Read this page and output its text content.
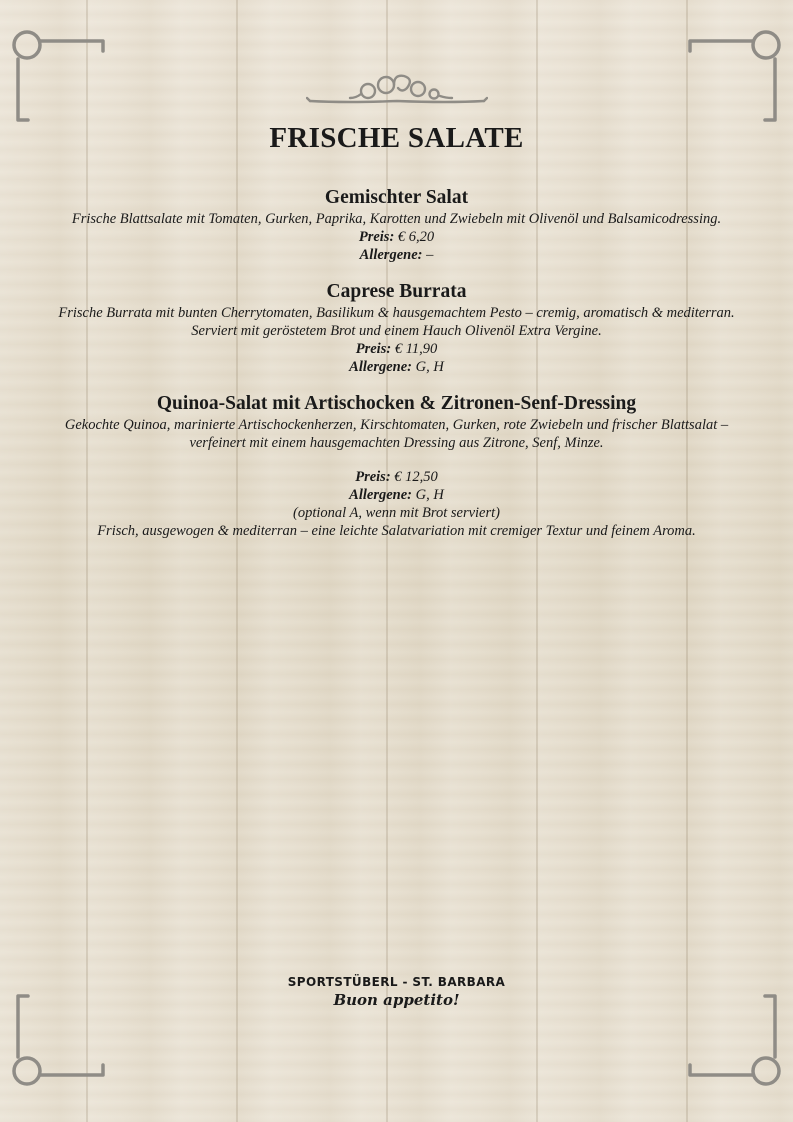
FRISCHE SALATE
Gemischter Salat
Frische Blattsalate mit Tomaten, Gurken, Paprika, Karotten und Zwiebeln mit Olivenöl und Balsamicodressing.
Preis: € 6,20
Allergene: –
Caprese Burrata
Frische Burrata mit bunten Cherrytomaten, Basilikum & hausgemachtem Pesto – cremig, aromatisch & mediterran.
Serviert mit geröstetem Brot und einem Hauch Olivenöl Extra Vergine.
Preis: € 11,90
Allergene: G, H
Quinoa-Salat mit Artischocken & Zitronen-Senf-Dressing
Gekochte Quinoa, marinierte Artischockenherzen, Kirschtomaten, Gurken, rote Zwiebeln und frischer Blattsalat –
verfeinert mit einem hausgemachten Dressing aus Zitrone, Senf, Minze.
Preis: € 12,50
Allergene: G, H
(optional A, wenn mit Brot serviert)
Frisch, ausgewogen & mediterran – eine leichte Salatvariation mit cremiger Textur und feinem Aroma.
SPORTSTÜBERL - ST. BARBARA
Buon appetito!
